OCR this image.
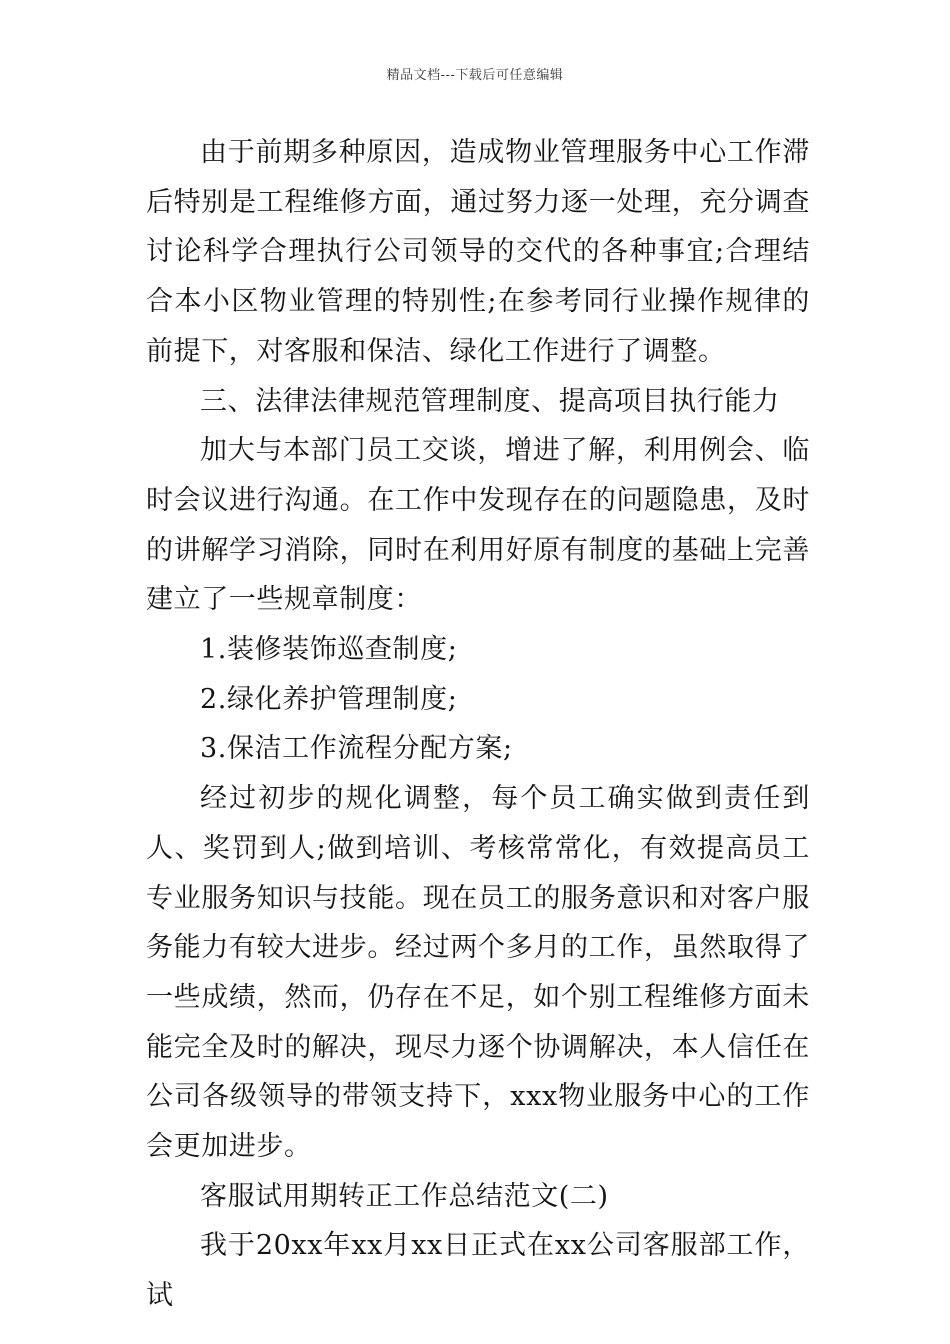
精品文档---下载后可任意编辑

由于前期多种原因，造成物业管理服务中心工作滞后特别是工程维修方面，通过努力逐一处理，充分调查讨论科学合理执行公司领导的交代的各种事宜;合理结合本小区物业管理的特别性;在参考同行业操作规律的前提下，对客服和保洁、绿化工作进行了调整。

三、法律法律规范管理制度、提高项目执行能力

加大与本部门员工交谈，增进了解，利用例会、临时会议进行沟通。在工作中发现存在的问题隐患，及时的讲解学习消除，同时在利用好原有制度的基础上完善建立了一些规章制度：

1.装修装饰巡查制度;

2.绿化养护管理制度;

3.保洁工作流程分配方案;

经过初步的规化调整，每个员工确实做到责任到人、奖罚到人;做到培训、考核常常化，有效提高员工专业服务知识与技能。现在员工的服务意识和对客户服务能力有较大进步。经过两个多月的工作，虽然取得了一些成绩，然而，仍存在不足，如个别工程维修方面未能完全及时的解决，现尽力逐个协调解决，本人信任在公司各级领导的带领支持下，xxx物业服务中心的工作会更加进步。

客服试用期转正工作总结范文(二)

我于20xx年xx月xx日正式在xx公司客服部工作，试
